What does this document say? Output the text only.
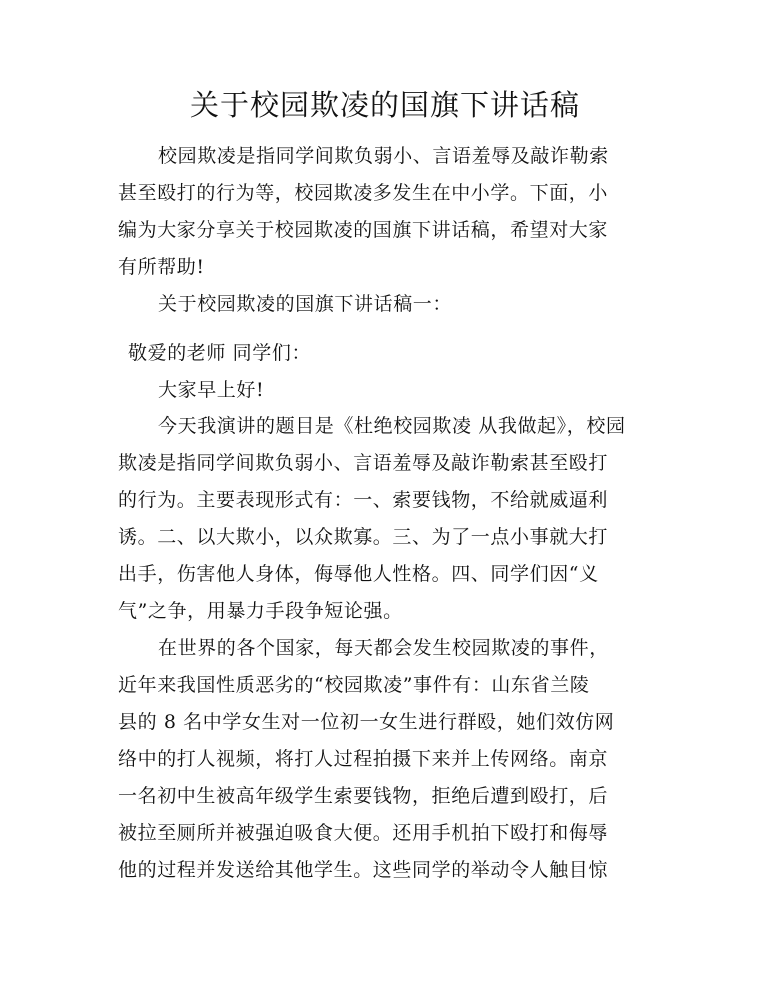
关于校园欺凌的国旗下讲话稿
校园欺凌是指同学间欺负弱小、言语羞辱及敲诈勒索
甚至殴打的行为等，校园欺凌多发生在中小学。下面，小
编为大家分享关于校园欺凌的国旗下讲话稿，希望对大家
有所帮助!
关于校园欺凌的国旗下讲话稿一：
敬爱的老师 同学们：
大家早上好!
今天我演讲的题目是《杜绝校园欺凌 从我做起》，校园
欺凌是指同学间欺负弱小、言语羞辱及敲诈勒索甚至殴打
的行为。主要表现形式有：一、索要钱物，不给就威逼利
诱。二、以大欺小，以众欺寡。三、为了一点小事就大打
出手，伤害他人身体，侮辱他人性格。四、同学们因“义
气”之争，用暴力手段争短论强。
在世界的各个国家，每天都会发生校园欺凌的事件，
近年来我国性质恶劣的“校园欺凌”事件有：山东省兰陵
县的 8 名中学女生对一位初一女生进行群殴，她们效仿网
络中的打人视频，将打人过程拍摄下来并上传网络。南京
一名初中生被高年级学生索要钱物，拒绝后遭到殴打，后
被拉至厕所并被强迫吸食大便。还用手机拍下殴打和侮辱
他的过程并发送给其他学生。这些同学的举动令人触目惊
